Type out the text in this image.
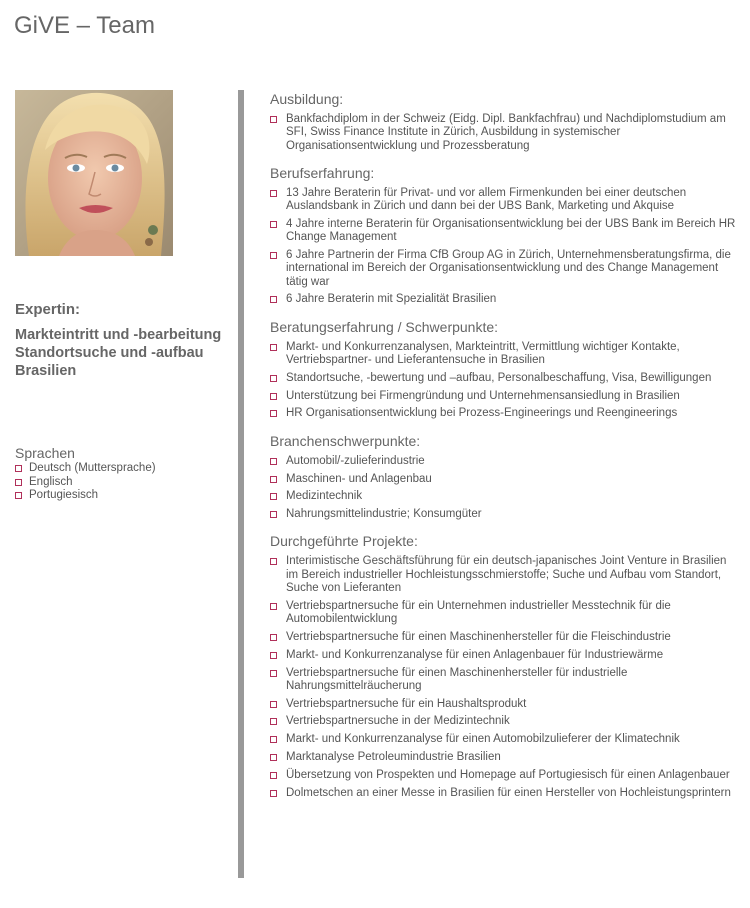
GiVE – Team
Expertin:
Markteintritt und -bearbeitung
Standortsuche und -aufbau
Brasilien
Sprachen
Deutsch (Muttersprache)
Englisch
Portugiesisch
Ausbildung:
Bankfachdiplom in der Schweiz (Eidg. Dipl. Bankfachfrau) und Nachdiplomstudium am SFI, Swiss Finance Institute in Zürich, Ausbildung in systemischer Organisationsentwicklung und Prozessberatung
Berufserfahrung:
13 Jahre Beraterin für Privat- und vor allem Firmenkunden bei einer deutschen Auslandsbank in Zürich und dann bei der UBS Bank, Marketing und Akquise
4 Jahre interne Beraterin für Organisationsentwicklung bei der UBS Bank im Bereich HR Change Management
6 Jahre Partnerin der Firma CfB Group AG in Zürich, Unternehmensberatungsfirma, die international im Bereich der Organisationsentwicklung und des Change Management tätig war
6 Jahre Beraterin mit Spezialität Brasilien
Beratungserfahrung / Schwerpunkte:
Markt- und Konkurrenzanalysen, Markteintritt, Vermittlung wichtiger Kontakte, Vertriebspartner- und Lieferantensuche in Brasilien
Standortsuche, -bewertung und –aufbau, Personalbeschaffung, Visa, Bewilligungen
Unterstützung bei Firmengründung und Unternehmensansiedlung in Brasilien
HR Organisationsentwicklung bei Prozess-Engineerings und Reengineerings
Branchenschwerpunkte:
Automobil/-zulieferindustrie
Maschinen- und Anlagenbau
Medizintechnik
Nahrungsmittelindustrie; Konsumgüter
Durchgeführte Projekte:
Interimistische Geschäftsführung für ein deutsch-japanisches Joint Venture in Brasilien im Bereich industrieller Hochleistungsschmierstoffe; Suche und Aufbau vom Standort, Suche von Lieferanten
Vertriebspartnersuche für ein Unternehmen industrieller Messtechnik für die Automobilentwicklung
Vertriebspartnersuche für einen Maschinenhersteller für die Fleischindustrie
Markt- und Konkurrenzanalyse für einen Anlagenbauer für Industriewärme
Vertriebspartnersuche für einen Maschinenhersteller für industrielle Nahrungsmittelräucherung
Vertriebspartnersuche für ein Haushaltsprodukt
Vertriebspartnersuche in der Medizintechnik
Markt- und Konkurrenzanalyse für einen Automobilzulieferer der Klimatechnik
Marktanalyse Petroleumindustrie Brasilien
Übersetzung von Prospekten und Homepage auf Portugiesisch für einen Anlagenbauer
Dolmetschen an einer Messe in Brasilien für einen Hersteller von Hochleistungsprintern
